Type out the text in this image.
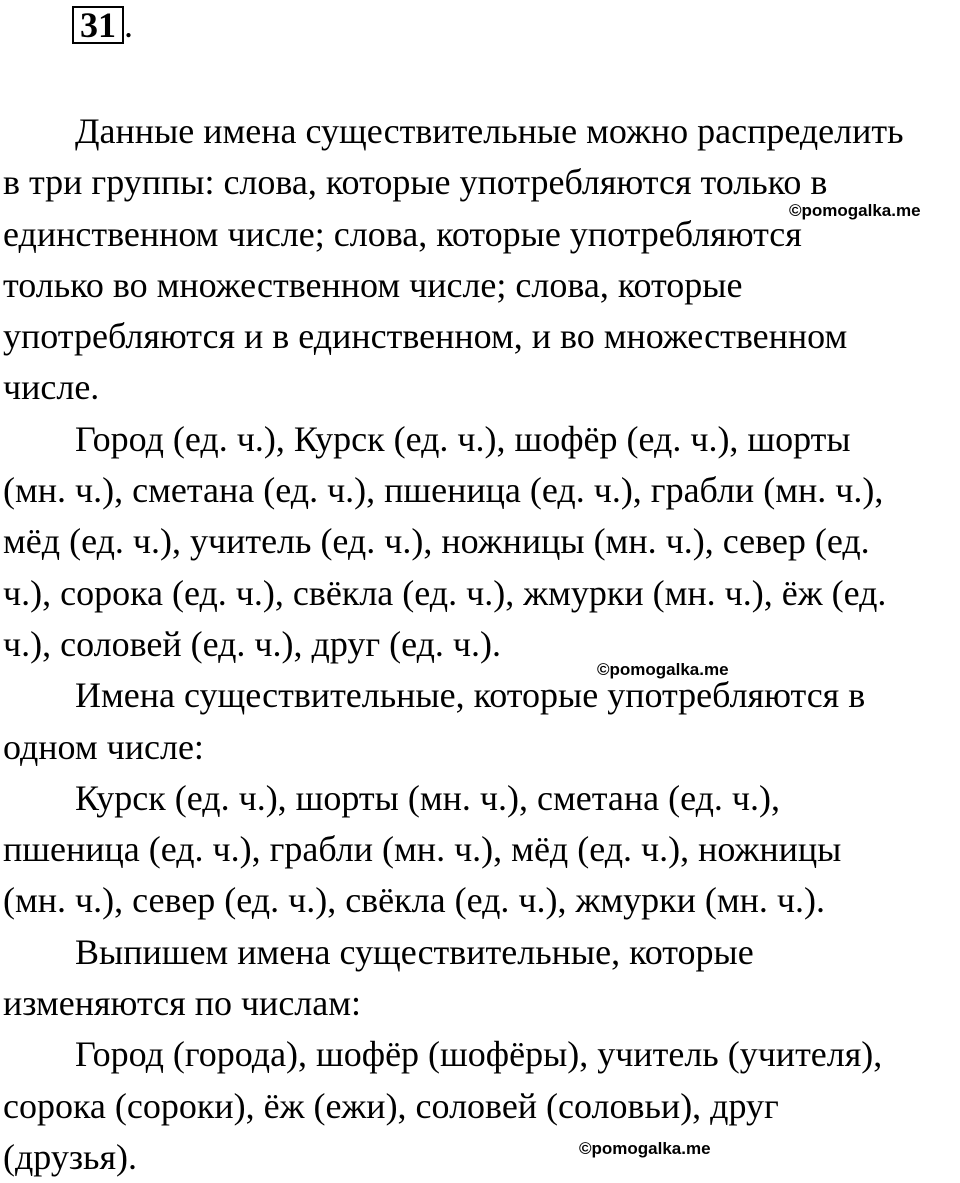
31 .

Данные имена существительные можно распределить
в три группы: слова, которые употребляются только в
единственном числе; слова, которые употребляются
только во множественном числе; слова, которые
употребляются и в единственном, и во множественном
числе.

Город (ед. ч.), Курск (ед. ч.), шофёр (ед. ч.), шорты
(мн. ч.), сметана (ед. ч.), пшеница (ед. ч.), грабли (мн. ч.),
мёд (ед. ч.), учитель (ед. ч.), ножницы (мн. ч.), север (ед.
ч.), сорока (ед. ч.), свёкла (ед. ч.), жмурки (мн. ч.), ёж (ед.
ч.), соловей (ед. ч.), друг (ед. ч.).

Имена существительные, которые употребляются в
одном числе:

Курск (ед. ч.), шорты (мн. ч.), сметана (ед. ч.),
пшеница (ед. ч.), грабли (мн. ч.), мёд (ед. ч.), ножницы
(мн. ч.), север (ед. ч.), свёкла (ед. ч.), жмурки (мн. ч.).

Выпишем имена существительные, которые
изменяются по числам:

Город (города), шофёр (шофёры), учитель (учителя),
сорока (сороки), ёж (ежи), соловей (соловьи), друг
(друзья).

©pomogalka.me
©pomogalka.me
©pomogalka.me
